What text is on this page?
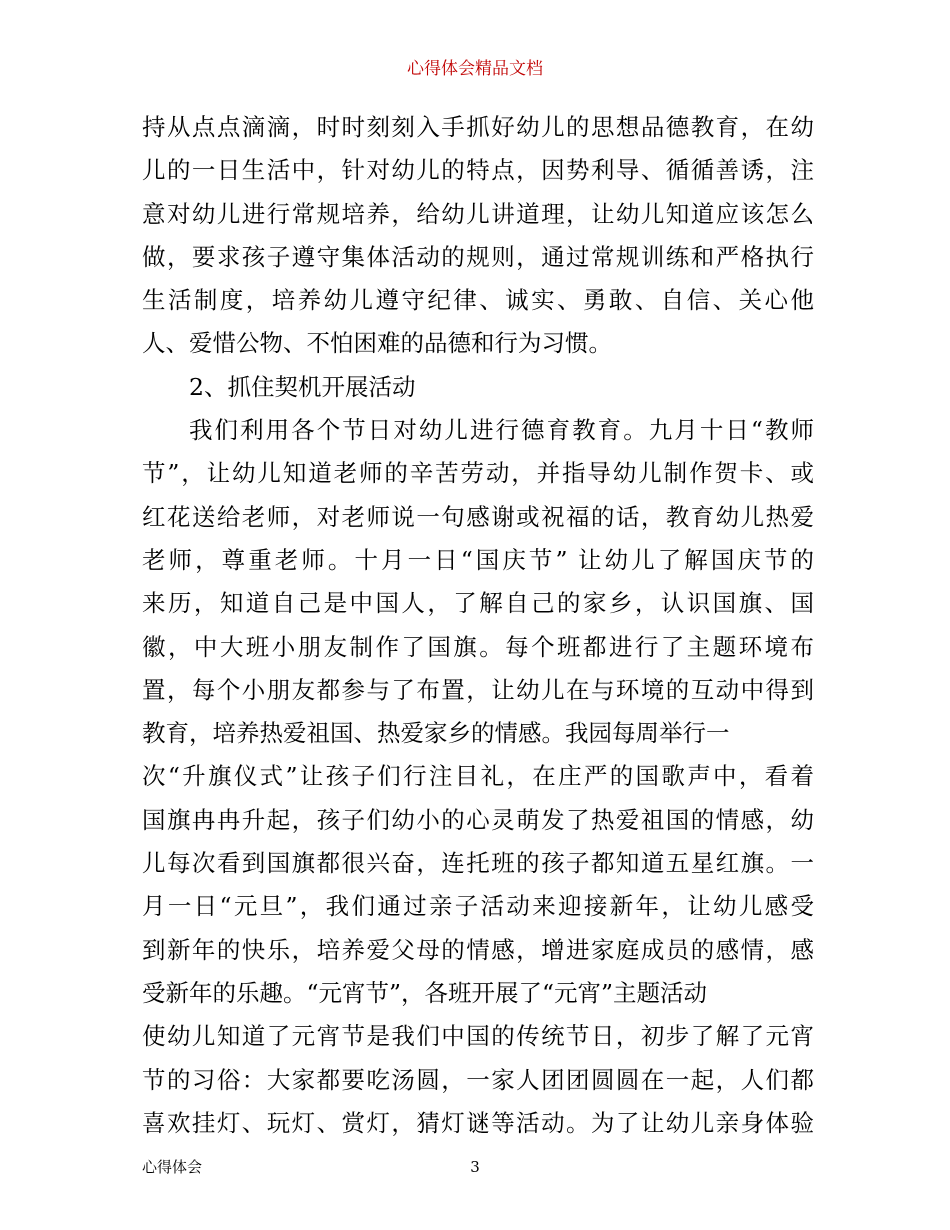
心得体会精品文档
持从点点滴滴，时时刻刻入手抓好幼儿的思想品德教育，在幼
儿的一日生活中，针对幼儿的特点，因势利导、循循善诱，注
意对幼儿进行常规培养，给幼儿讲道理，让幼儿知道应该怎么
做，要求孩子遵守集体活动的规则，通过常规训练和严格执行
生活制度，培养幼儿遵守纪律、诚实、勇敢、自信、关心他
人、爱惜公物、不怕困难的品德和行为习惯。
2、抓住契机开展活动
我们利用各个节日对幼儿进行德育教育。九月十日“教师
节”，让幼儿知道老师的辛苦劳动，并指导幼儿制作贺卡、或
红花送给老师，对老师说一句感谢或祝福的话，教育幼儿热爱
老师，尊重老师。十月一日“国庆节” 让幼儿了解国庆节的
来历，知道自己是中国人，了解自己的家乡，认识国旗、国
徽，中大班小朋友制作了国旗。每个班都进行了主题环境布
置，每个小朋友都参与了布置，让幼儿在与环境的互动中得到
教育，培养热爱祖国、热爱家乡的情感。我园每周举行一
次“升旗仪式”让孩子们行注目礼，在庄严的国歌声中，看着
国旗冉冉升起，孩子们幼小的心灵萌发了热爱祖国的情感，幼
儿每次看到国旗都很兴奋，连托班的孩子都知道五星红旗。一
月一日“元旦”，我们通过亲子活动来迎接新年，让幼儿感受
到新年的快乐，培养爱父母的情感，增进家庭成员的感情，感
受新年的乐趣。“元宵节”，各班开展了“元宵”主题活动
使幼儿知道了元宵节是我们中国的传统节日，初步了解了元宵
节的习俗：大家都要吃汤圆，一家人团团圆圆在一起，人们都
喜欢挂灯、玩灯、赏灯，猜灯谜等活动。为了让幼儿亲身体验
心得体会	3
